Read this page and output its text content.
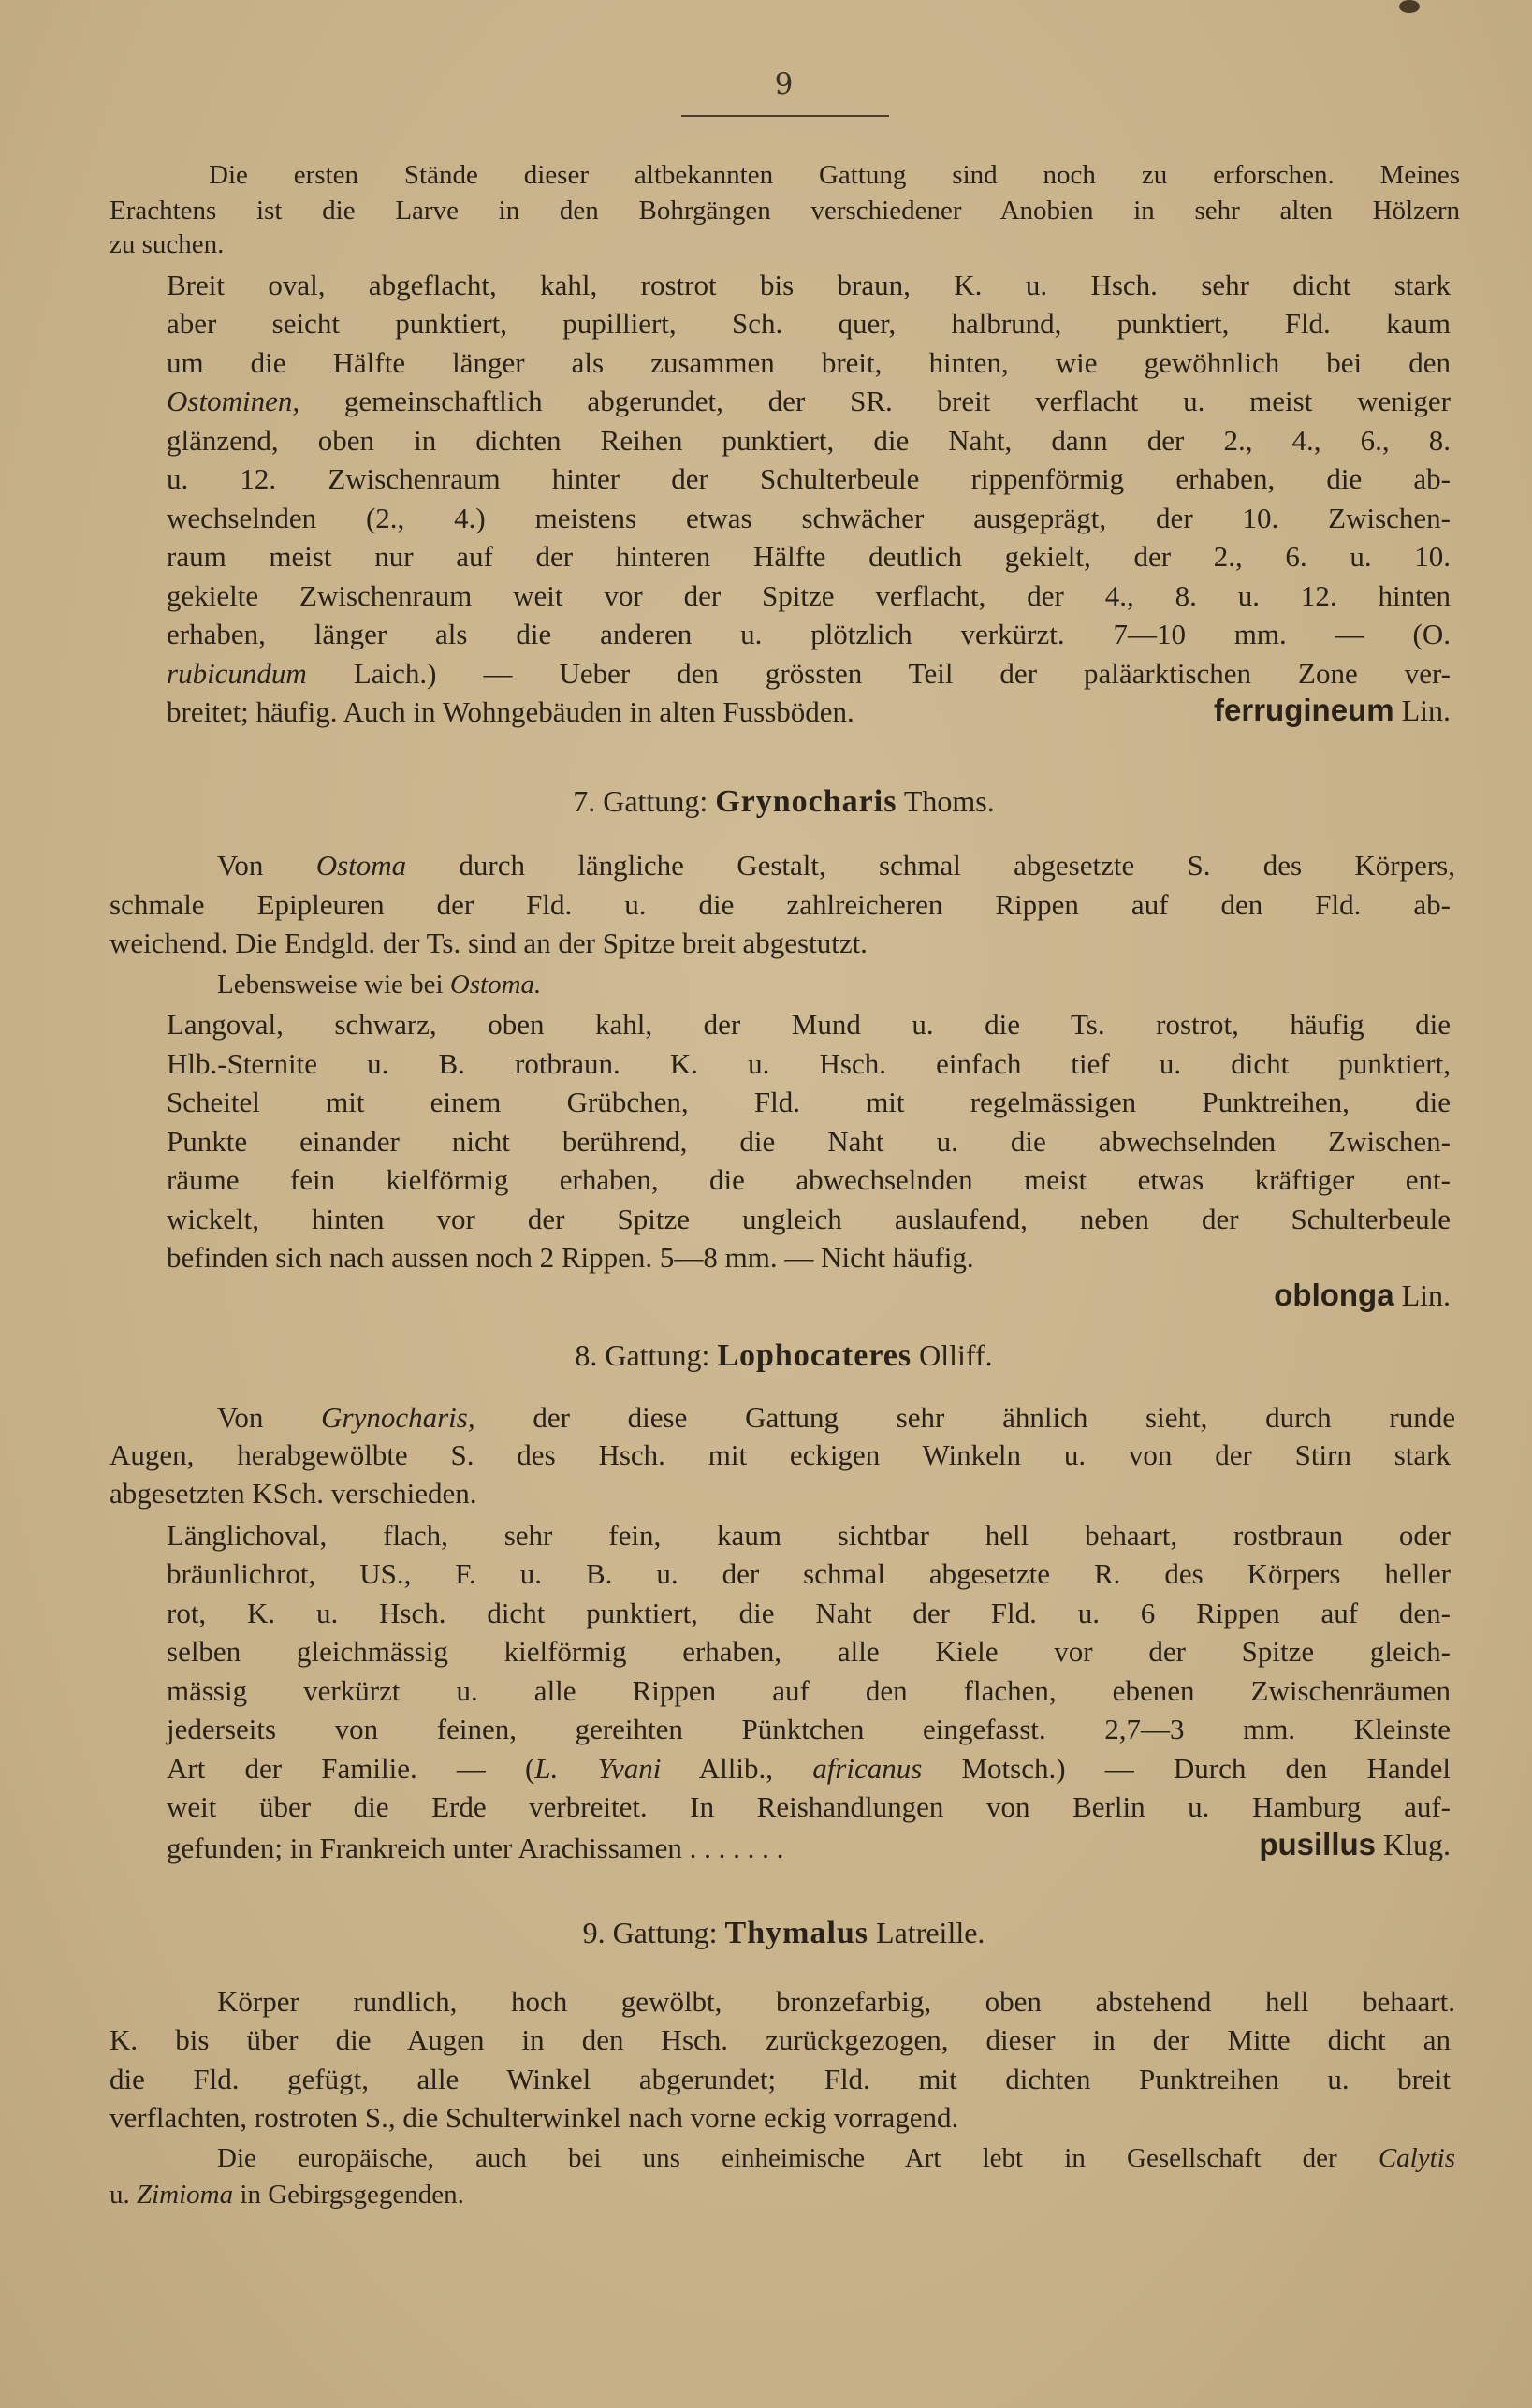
9
Die ersten Stände dieser altbekannten Gattung sind noch zu erforschen. Meines
Erachtens ist die Larve in den Bohrgängen verschiedener Anobien in sehr alten Hölzern
zu suchen.
Breit oval, abgeflacht, kahl, rostrot bis braun, K. u. Hsch. sehr dicht stark
aber seicht punktiert, pupilliert, Sch. quer, halbrund, punktiert, Fld. kaum
um die Hälfte länger als zusammen breit, hinten, wie gewöhnlich bei den
Ostominen, gemeinschaftlich abgerundet, der SR. breit verflacht u. meist weniger
glänzend, oben in dichten Reihen punktiert, die Naht, dann der 2., 4., 6., 8.
u. 12. Zwischenraum hinter der Schulterbeule rippenförmig erhaben, die ab-
wechselnden (2., 4.) meistens etwas schwächer ausgeprägt, der 10. Zwischen-
raum meist nur auf der hinteren Hälfte deutlich gekielt, der 2., 6. u. 10.
gekielte Zwischenraum weit vor der Spitze verflacht, der 4., 8. u. 12. hinten
erhaben, länger als die anderen u. plötzlich verkürzt. 7—10 mm. — (O.
rubicundum Laich.) — Ueber den grössten Teil der paläarktischen Zone ver-
breitet; häufig. Auch in Wohngebäuden in alten Fussböden.	ferrugineum Lin.
7. Gattung: Grynocharis Thoms.
Von Ostoma durch längliche Gestalt, schmal abgesetzte S. des Körpers,
schmale Epipleuren der Fld. u. die zahlreicheren Rippen auf den Fld. ab-
weichend. Die Endgld. der Ts. sind an der Spitze breit abgestutzt.
Lebensweise wie bei Ostoma.
Langoval, schwarz, oben kahl, der Mund u. die Ts. rostrot, häufig die
Hlb.-Sternite u. B. rotbraun. K. u. Hsch. einfach tief u. dicht punktiert,
Scheitel mit einem Grübchen, Fld. mit regelmässigen Punktreihen, die
Punkte einander nicht berührend, die Naht u. die abwechselnden Zwischen-
räume fein kielförmig erhaben, die abwechselnden meist etwas kräftiger ent-
wickelt, hinten vor der Spitze ungleich auslaufend, neben der Schulterbeule
befinden sich nach aussen noch 2 Rippen. 5—8 mm. — Nicht häufig.
oblonga Lin.
8. Gattung: Lophocateres Olliff.
Von Grynocharis, der diese Gattung sehr ähnlich sieht, durch runde
Augen, herabgewölbte S. des Hsch. mit eckigen Winkeln u. von der Stirn stark
abgesetzten KSch. verschieden.
Länglichoval, flach, sehr fein, kaum sichtbar hell behaart, rostbraun oder
bräunlichrot, US., F. u. B. u. der schmal abgesetzte R. des Körpers heller
rot, K. u. Hsch. dicht punktiert, die Naht der Fld. u. 6 Rippen auf den-
selben gleichmässig kielförmig erhaben, alle Kiele vor der Spitze gleich-
mässig verkürzt u. alle Rippen auf den flachen, ebenen Zwischenräumen
jederseits von feinen, gereihten Pünktchen eingefasst. 2,7—3 mm. Kleinste
Art der Familie. — (L. Yvani Allib., africanus Motsch.) — Durch den Handel
weit über die Erde verbreitet. In Reishandlungen von Berlin u. Hamburg auf-
gefunden; in Frankreich unter Arachissamen . . . . . . .	pusillus Klug.
9. Gattung: Thymalus Latreille.
Körper rundlich, hoch gewölbt, bronzefarbig, oben abstehend hell behaart.
K. bis über die Augen in den Hsch. zurückgezogen, dieser in der Mitte dicht an
die Fld. gefügt, alle Winkel abgerundet; Fld. mit dichten Punktreihen u. breit
verflachten, rostroten S., die Schulterwinkel nach vorne eckig vorragend.
Die europäische, auch bei uns einheimische Art lebt in Gesellschaft der Calytis
u. Zimioma in Gebirgsgegenden.
